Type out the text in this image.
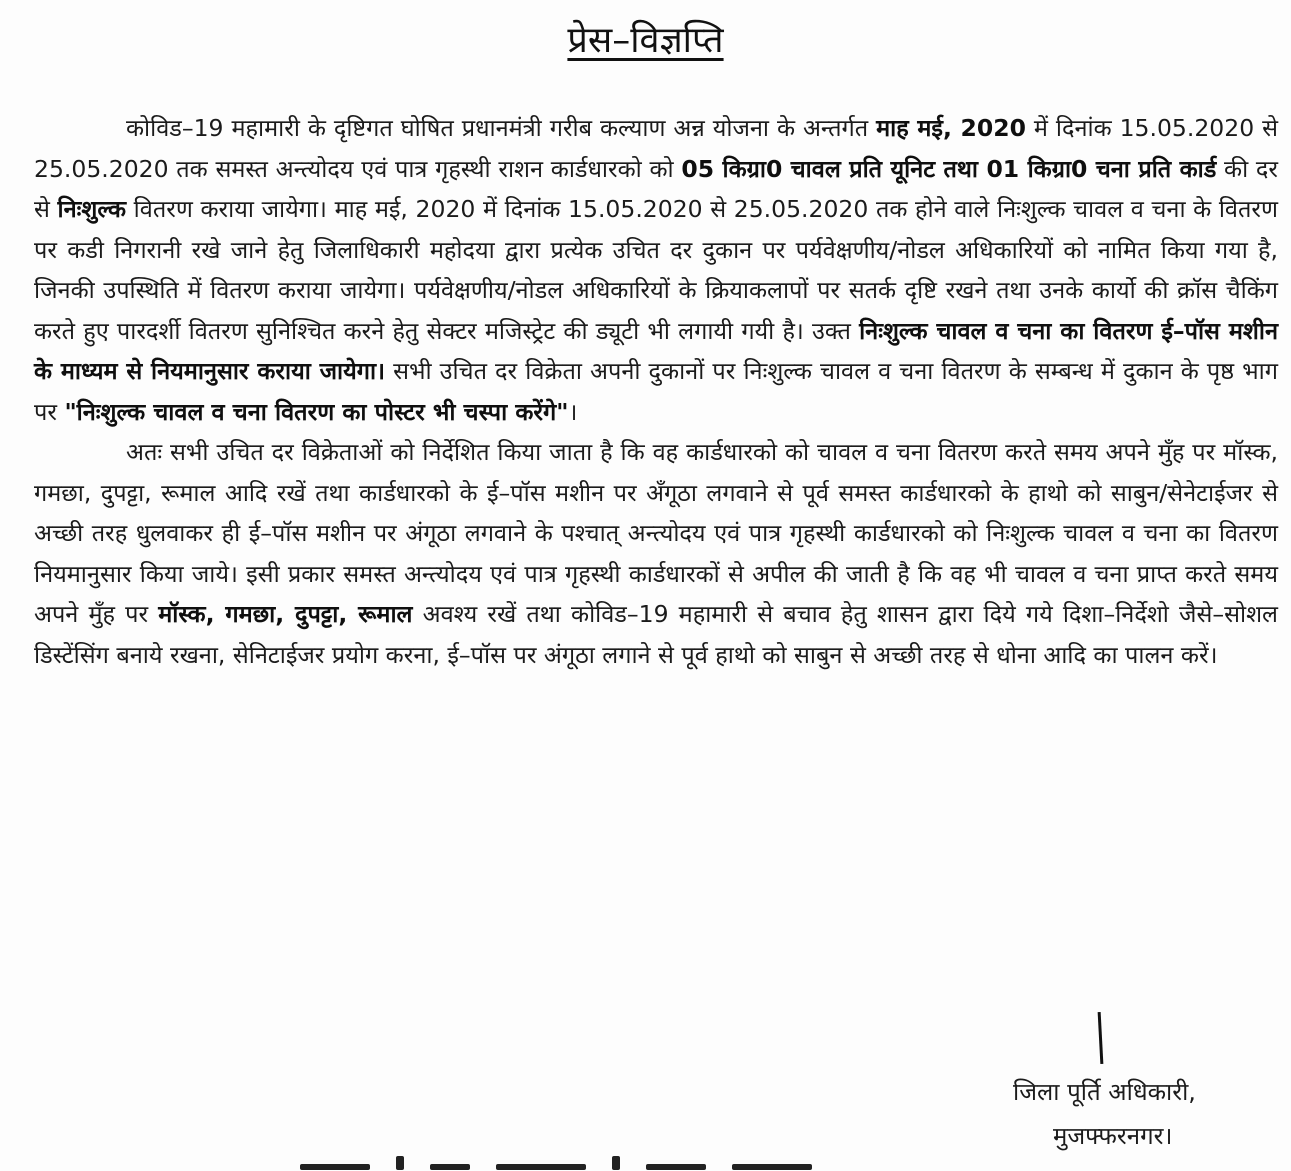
प्रेस–विज्ञप्ति

कोविड–19 महामारी के दृष्टिगत घोषित प्रधानमंत्री गरीब कल्याण अन्न योजना के अन्तर्गत माह मई, 2020 में दिनांक 15.05.2020 से 25.05.2020 तक समस्त अन्त्योदय एवं पात्र गृहस्थी राशन कार्डधारको को 05 किग्रा0 चावल प्रति यूनिट तथा 01 किग्रा0 चना प्रति कार्ड की दर से निःशुल्क वितरण कराया जायेगा। माह मई, 2020 में दिनांक 15.05.2020 से 25.05.2020 तक होने वाले निःशुल्क चावल व चना के वितरण पर कडी निगरानी रखे जाने हेतु जिलाधिकारी महोदया द्वारा प्रत्येक उचित दर दुकान पर पर्यवेक्षणीय/नोडल अधिकारियों को नामित किया गया है, जिनकी उपस्थिति में वितरण कराया जायेगा। पर्यवेक्षणीय/नोडल अधिकारियों के क्रियाकलापों पर सतर्क दृष्टि रखने तथा उनके कार्यो की क्रॉस चैकिंग करते हुए पारदर्शी वितरण सुनिश्चित करने हेतु सेक्टर मजिस्ट्रेट की ड्यूटी भी लगायी गयी है। उक्त निःशुल्क चावल व चना का वितरण ई–पॉस मशीन के माध्यम से नियमानुसार कराया जायेगा। सभी उचित दर विक्रेता अपनी दुकानों पर निःशुल्क चावल व चना वितरण के सम्बन्ध में दुकान के पृष्ठ भाग पर "निःशुल्क चावल व चना वितरण का पोस्टर भी चस्पा करेंगे"।

अतः सभी उचित दर विक्रेताओं को निर्देशित किया जाता है कि वह कार्डधारको को चावल व चना वितरण करते समय अपने मुँह पर मॉस्क, गमछा, दुपट्टा, रूमाल आदि रखें तथा कार्डधारको के ई–पॉस मशीन पर अँगूठा लगवाने से पूर्व समस्त कार्डधारको के हाथो को साबुन/सेनेटाईजर से अच्छी तरह धुलवाकर ही ई–पॉस मशीन पर अंगूठा लगवाने के पश्चात् अन्त्योदय एवं पात्र गृहस्थी कार्डधारको को निःशुल्क चावल व चना का वितरण नियमानुसार किया जाये। इसी प्रकार समस्त अन्त्योदय एवं पात्र गृहस्थी कार्डधारकों से अपील की जाती है कि वह भी चावल व चना प्राप्त करते समय अपने मुँह पर मॉस्क, गमछा, दुपट्टा, रूमाल अवश्य रखें तथा कोविड–19 महामारी से बचाव हेतु शासन द्वारा दिये गये दिशा–निर्देशो जैसे–सोशल डिस्टेंसिंग बनाये रखना, सेनिटाईजर प्रयोग करना, ई–पॉस पर अंगूठा लगाने से पूर्व हाथो को साबुन से अच्छी तरह से धोना आदि का पालन करें।

जिला पूर्ति अधिकारी,
मुजफ्फरनगर।
